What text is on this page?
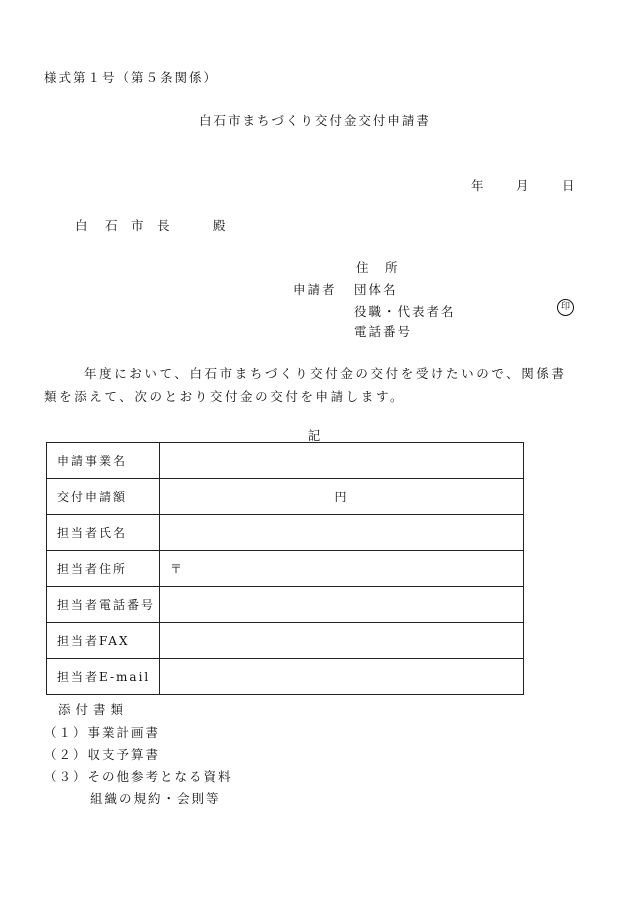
様式第１号（第５条関係）
白石市まちづくり交付金交付申請書
年 月	日
白 石 市 長	殿
住　所
申請者 団体名
役職・代表者名	印
電話番号
年度において、白石市まちづくり交付金の交付を受けたいので、関係書類を添えて、次のとおり交付金の交付を申請します。
記
申請事業名	
交付申請額	円
担当者氏名	
担当者住所	〒
担当者電話番号	
担当者FAX	
担当者E-mail	
添付書類
（１）事業計画書
（２）収支予算書
（３）その他参考となる資料
組織の規約・会則等
